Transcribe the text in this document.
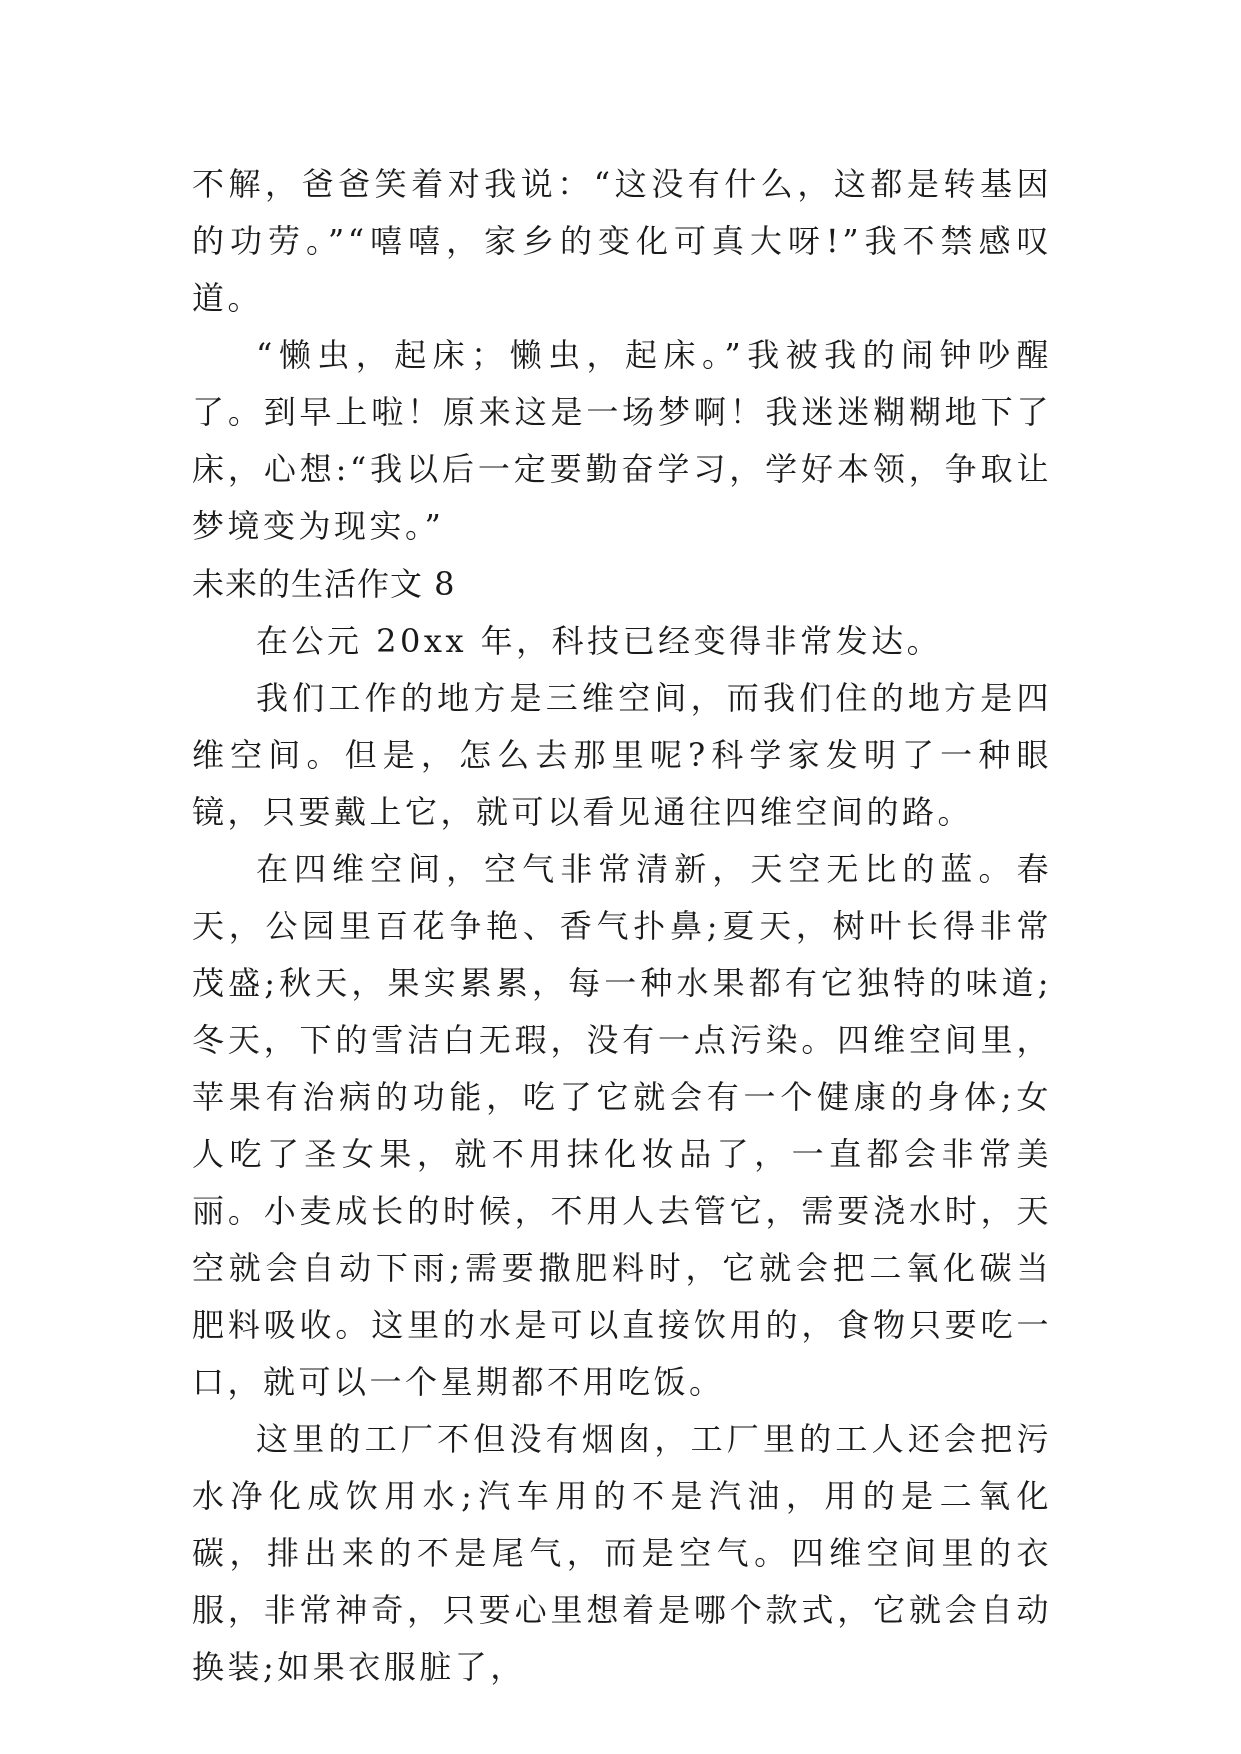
不解，爸爸笑着对我说：“这没有什么，这都是转基因的功劳。”“嘻嘻，家乡的变化可真大呀!”我不禁感叹道。

“懒虫，起床；懒虫，起床。”我被我的闹钟吵醒了。到早上啦！原来这是一场梦啊！我迷迷糊糊地下了床，心想:“我以后一定要勤奋学习，学好本领，争取让梦境变为现实。”

未来的生活作文 8

在公元 20xx 年，科技已经变得非常发达。

我们工作的地方是三维空间，而我们住的地方是四维空间。但是，怎么去那里呢?科学家发明了一种眼镜，只要戴上它，就可以看见通往四维空间的路。

在四维空间，空气非常清新，天空无比的蓝。春天，公园里百花争艳、香气扑鼻;夏天，树叶长得非常茂盛;秋天，果实累累，每一种水果都有它独特的味道;冬天，下的雪洁白无瑕，没有一点污染。四维空间里，苹果有治病的功能，吃了它就会有一个健康的身体;女人吃了圣女果，就不用抹化妆品了，一直都会非常美丽。小麦成长的时候，不用人去管它，需要浇水时，天空就会自动下雨;需要撒肥料时，它就会把二氧化碳当肥料吸收。这里的水是可以直接饮用的，食物只要吃一口，就可以一个星期都不用吃饭。

这里的工厂不但没有烟囱，工厂里的工人还会把污水净化成饮用水;汽车用的不是汽油，用的是二氧化碳，排出来的不是尾气，而是空气。四维空间里的衣服，非常神奇，只要心里想着是哪个款式，它就会自动换装;如果衣服脏了，
